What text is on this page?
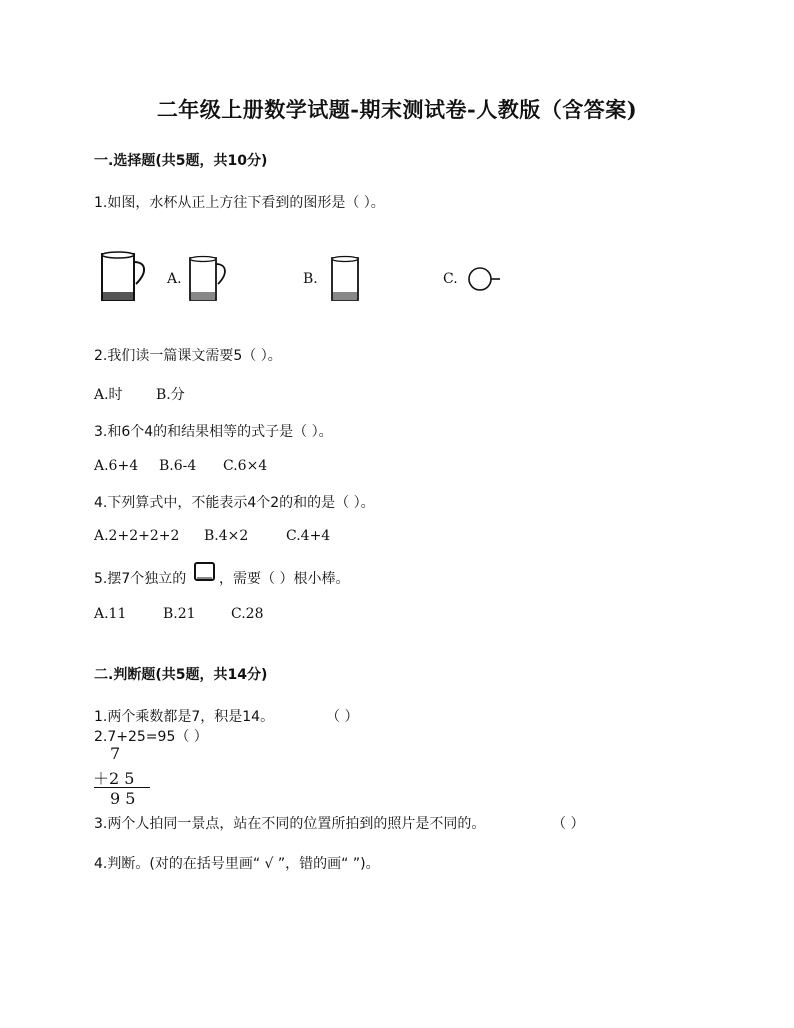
二年级上册数学试题-期末测试卷-人教版（含答案)
一.选择题(共5题，共10分)
1.如图，水杯从正上方往下看到的图形是（ ）。
A.	B.	C.
2.我们读一篇课文需要5（ ）。
A.时 B.分
3.和6个4的和结果相等的式子是（ ）。
A.6+4 B.6-4 C.6×4
4.下列算式中，不能表示4个2的和的是（ ）。
A.2+2+2+2 B.4×2	C.4+4
5.摆7个独立的 ，需要（ ）根小棒。
A.11	B.21	C.28
二.判断题(共5题，共14分)
1.两个乘数都是7，积是14。	（ ）
2.7+25=95（ ）
7
＋2 5
9 5
3.两个人拍同一景点，站在不同的位置所拍到的照片是不同的。	（ ）
4.判断。(对的在括号里画“ √ ”，错的画“ ”)。
